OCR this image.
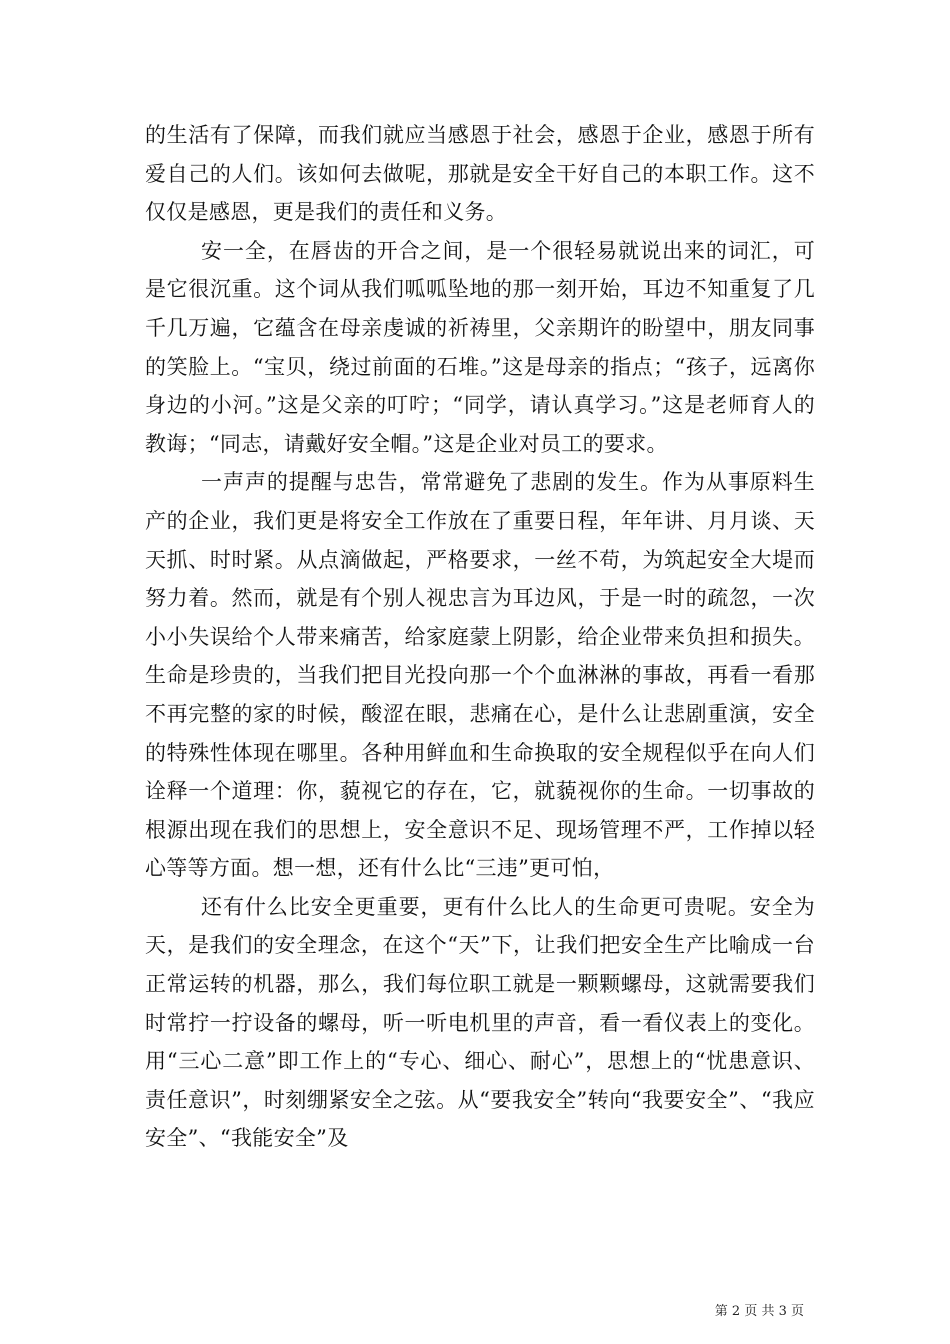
的生活有了保障，而我们就应当感恩于社会，感恩于企业，感恩于所有爱自己的人们。该如何去做呢，那就是安全干好自己的本职工作。这不仅仅是感恩，更是我们的责任和义务。

安一全，在唇齿的开合之间，是一个很轻易就说出来的词汇，可是它很沉重。这个词从我们呱呱坠地的那一刻开始，耳边不知重复了几千几万遍，它蕴含在母亲虔诚的祈祷里，父亲期许的盼望中，朋友同事的笑脸上。“宝贝，绕过前面的石堆。”这是母亲的指点；“孩子，远离你身边的小河。”这是父亲的叮咛；“同学，请认真学习。”这是老师育人的教诲；“同志，请戴好安全帽。”这是企业对员工的要求。

一声声的提醒与忠告，常常避免了悲剧的发生。作为从事原料生产的企业，我们更是将安全工作放在了重要日程，年年讲、月月谈、天天抓、时时紧。从点滴做起，严格要求，一丝不苟，为筑起安全大堤而努力着。然而，就是有个别人视忠言为耳边风，于是一时的疏忽，一次小小失误给个人带来痛苦，给家庭蒙上阴影，给企业带来负担和损失。生命是珍贵的，当我们把目光投向那一个个血淋淋的事故，再看一看那不再完整的家的时候，酸涩在眼，悲痛在心，是什么让悲剧重演，安全的特殊性体现在哪里。各种用鲜血和生命换取的安全规程似乎在向人们诠释一个道理：你，藐视它的存在，它，就藐视你的生命。一切事故的根源出现在我们的思想上，安全意识不足、现场管理不严，工作掉以轻心等等方面。想一想，还有什么比“三违”更可怕，

还有什么比安全更重要，更有什么比人的生命更可贵呢。安全为天，是我们的安全理念，在这个“天”下，让我们把安全生产比喻成一台正常运转的机器，那么，我们每位职工就是一颗颗螺母，这就需要我们时常拧一拧设备的螺母，听一听电机里的声音，看一看仪表上的变化。用“三心二意”即工作上的“专心、细心、耐心”，思想上的“忧患意识、责任意识”，时刻绷紧安全之弦。从“要我安全”转向“我要安全”、“我应安全”、“我能安全”及

第 2 页 共 3 页
